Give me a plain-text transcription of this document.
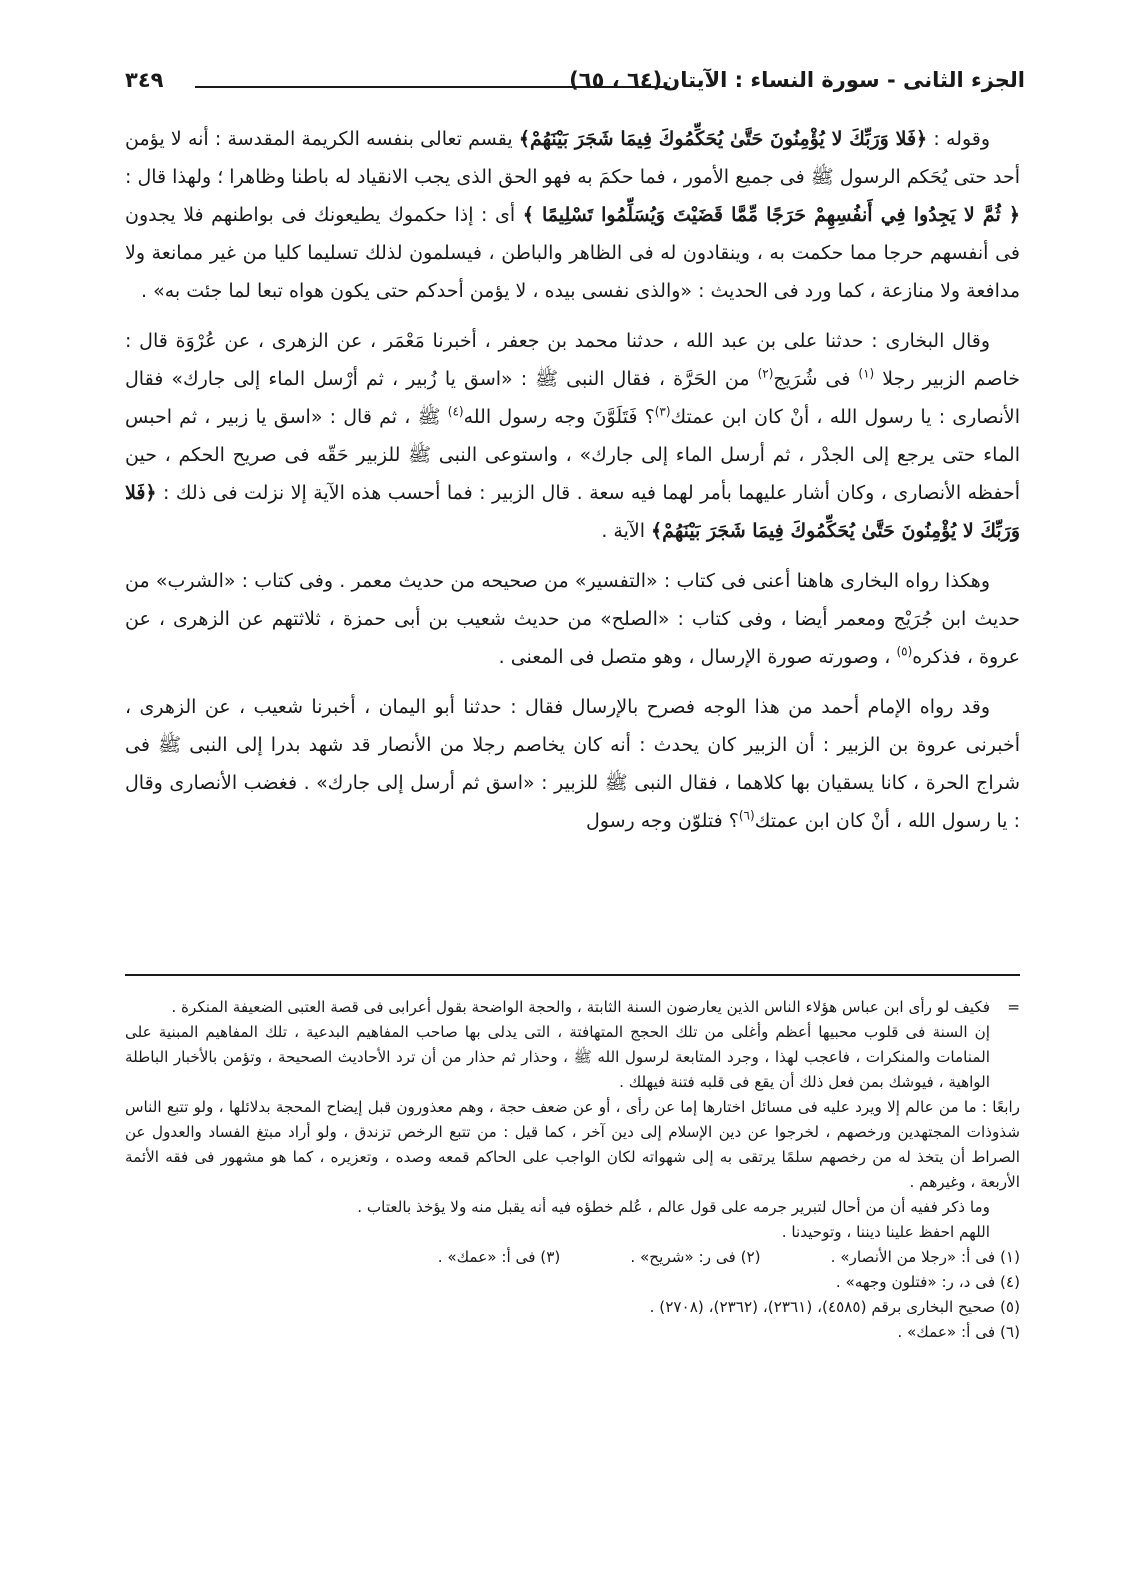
الجزء الثانى - سورة النساء : الآيتان(٦٤ ، ٦٥)
٣٤٩

وقوله : ﴿فَلا وَرَبِّكَ لا يُؤْمِنُونَ حَتَّىٰ يُحَكِّمُوكَ فِيمَا شَجَرَ بَيْنَهُمْ﴾ يقسم تعالى بنفسه الكريمة المقدسة : أنه لا يؤمن أحد حتى يُحَكم الرسول ﷺ فى جميع الأمور ، فما حكمَ به فهو الحق الذى يجب الانقياد له باطنا وظاهرا ؛ ولهذا قال : ﴿ ثُمَّ لا يَجِدُوا فِي أَنفُسِهِمْ حَرَجًا مِّمَّا قَضَيْتَ وَيُسَلِّمُوا تَسْلِيمًا ﴾ أى : إذا حكموك يطيعونك فى بواطنهم فلا يجدون فى أنفسهم حرجا مما حكمت به ، وينقادون له فى الظاهر والباطن ، فيسلمون لذلك تسليما كليا من غير ممانعة ولا مدافعة ولا منازعة ، كما ورد فى الحديث : «والذى نفسى بيده ، لا يؤمن أحدكم حتى يكون هواه تبعا لما جئت به» .

وقال البخارى : حدثنا على بن عبد الله ، حدثنا محمد بن جعفر ، أخبرنا مَعْمَر ، عن الزهرى ، عن عُرْوَة قال : خاصم الزبير رجلا $^{(١)}$ فى شُرَيج$^{(٢)}$ من الحَرَّة ، فقال النبى ﷺ : «اسق يا زُبير ، ثم أرْسل الماء إلى جارك» فقال الأنصارى : يا رسول الله ، أنْ كان ابن عمتك$^{(٣)}$؟ فَتَلَوَّنَ وجه رسول الله$^{(٤)}$ ﷺ ، ثم قال : «اسق يا زبير ، ثم احبس الماء حتى يرجع إلى الجدْر ، ثم أرسل الماء إلى جارك» ، واستوعى النبى ﷺ للزبير حَقّه فى صريح الحكم ، حين أحفظه الأنصارى ، وكان أشار عليهما بأمر لهما فيه سعة . قال الزبير : فما أحسب هذه الآية إلا نزلت فى ذلك : ﴿فَلا وَرَبِّكَ لا يُؤْمِنُونَ حَتَّىٰ يُحَكِّمُوكَ فِيمَا شَجَرَ بَيْنَهُمْ﴾ الآية .

وهكذا رواه البخارى هاهنا أعنى فى كتاب : «التفسير» من صحيحه من حديث معمر . وفى كتاب : «الشرب» من حديث ابن جُرَيْج ومعمر أيضا ، وفى كتاب : «الصلح» من حديث شعيب بن أبى حمزة ، ثلاثتهم عن الزهرى ، عن عروة ، فذكره$^{(٥)}$ ، وصورته صورة الإرسال ، وهو متصل فى المعنى .

وقد رواه الإمام أحمد من هذا الوجه فصرح بالإرسال فقال : حدثنا أبو اليمان ، أخبرنا شعيب ، عن الزهرى ، أخبرنى عروة بن الزبير : أن الزبير كان يحدث : أنه كان يخاصم رجلا من الأنصار قد شهد بدرا إلى النبى ﷺ فى شراج الحرة ، كانا يسقيان بها كلاهما ، فقال النبى ﷺ للزبير : «اسق ثم أرسل إلى جارك» . فغضب الأنصارى وقال : يا رسول الله ، أنْ كان ابن عمتك$^{(٦)}$؟ فتلوّن وجه رسول

=
فكيف لو رأى ابن عباس هؤلاء الناس الذين يعارضون السنة الثابتة ، والحجة الواضحة بقول أعرابى فى قصة العتبى الضعيفة المنكرة .

إن السنة فى قلوب محبيها أعظم وأغلى من تلك الحجج المتهافتة ، التى يدلى بها صاحب المفاهيم البدعية ، تلك المفاهيم المبنية على المنامات والمنكرات ، فاعجب لهذا ، وجرد المتابعة لرسول الله ﷺ ، وحذار ثم حذار من أن ترد الأحاديث الصحيحة ، وتؤمن بالأخبار الباطلة الواهية ، فيوشك بمن فعل ذلك أن يقع فى قلبه فتنة فيهلك .

رابعًا : ما من عالم إلا ويرد عليه فى مسائل اختارها إما عن رأى ، أو عن ضعف حجة ، وهم معذورون قبل إيضاح المحجة بدلائلها ، ولو تتبع الناس شذوذات المجتهدين ورخصهم ، لخرجوا عن دين الإسلام إلى دين آخر ، كما قيل : من تتبع الرخص تزندق ، ولو أراد مبتغ الفساد والعدول عن الصراط أن يتخذ له من رخصهم سلمًا يرتقى به إلى شهواته لكان الواجب على الحاكم قمعه وصده ، وتعزيره ، كما هو مشهور فى فقه الأئمة الأربعة ، وغيرهم .

وما ذكر ففيه أن من أحال لتبرير جرمه على قول عالم ، عُلم خطؤه فيه أنه يقبل منه ولا يؤخذ بالعتاب .

اللهم احفظ علينا ديننا ، وتوحيدنا .

(١) فى أ: «رجلا من الأنصار» .
(٢) فى ر: «شريح» .
(٣) فى أ: «عمك» .

(٤) فى د، ر: «فتلون وجهه» .

(٥) صحيح البخارى برقم (٤٥٨٥)، (٢٣٦١)، (٢٣٦٢)، (٢٧٠٨) .

(٦) فى أ: «عمك» .
